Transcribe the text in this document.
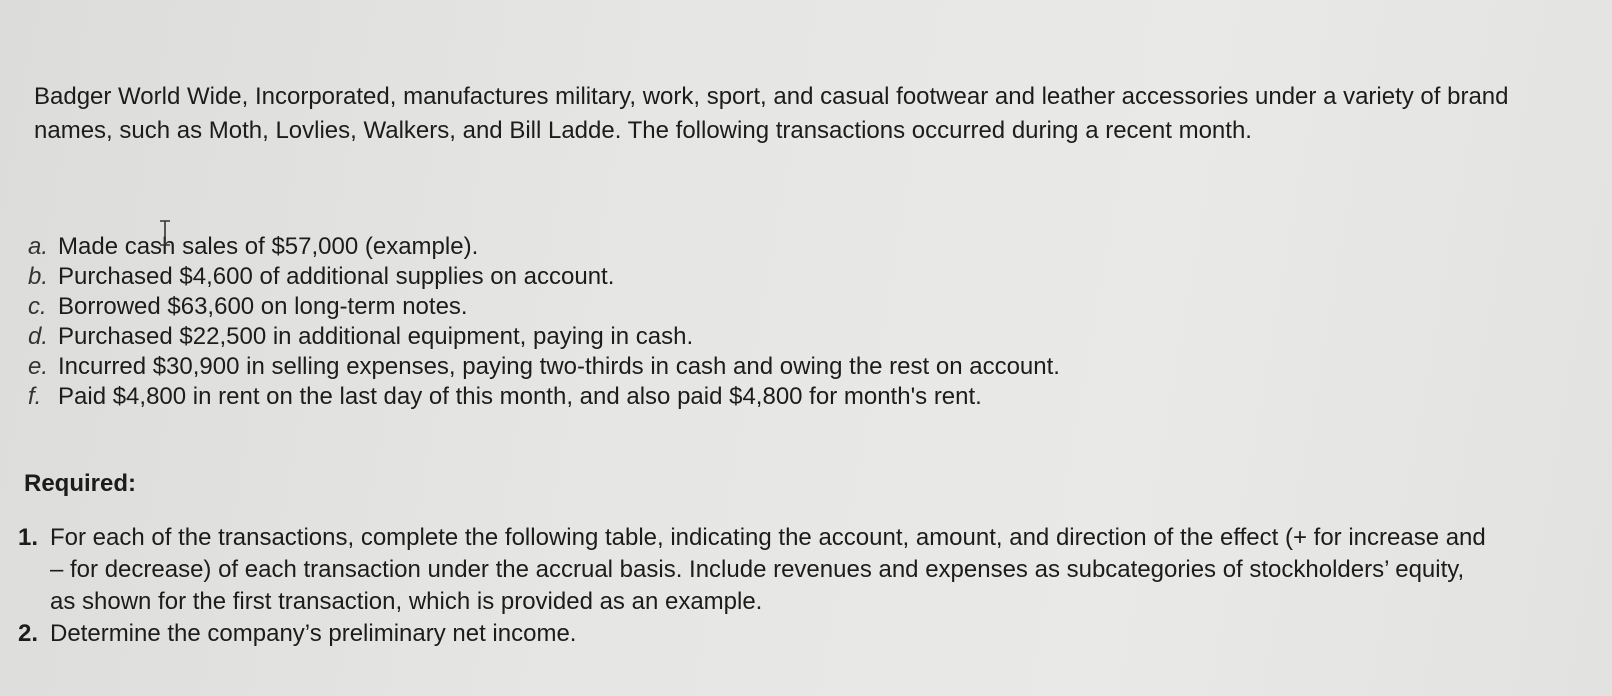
Badger World Wide, Incorporated, manufactures military, work, sport, and casual footwear and leather accessories under a variety of brand names, such as Moth, Lovlies, Walkers, and Bill Ladde. The following transactions occurred during a recent month.

a. Made cash sales of $57,000 (example).
b. Purchased $4,600 of additional supplies on account.
c. Borrowed $63,600 on long-term notes.
d. Purchased $22,500 in additional equipment, paying in cash.
e. Incurred $30,900 in selling expenses, paying two-thirds in cash and owing the rest on account.
f. Paid $4,800 in rent on the last day of this month, and also paid $4,800 for month's rent.
Required:
1. For each of the transactions, complete the following table, indicating the account, amount, and direction of the effect (+ for increase and – for decrease) of each transaction under the accrual basis. Include revenues and expenses as subcategories of stockholders’ equity, as shown for the first transaction, which is provided as an example.
2. Determine the company’s preliminary net income.
